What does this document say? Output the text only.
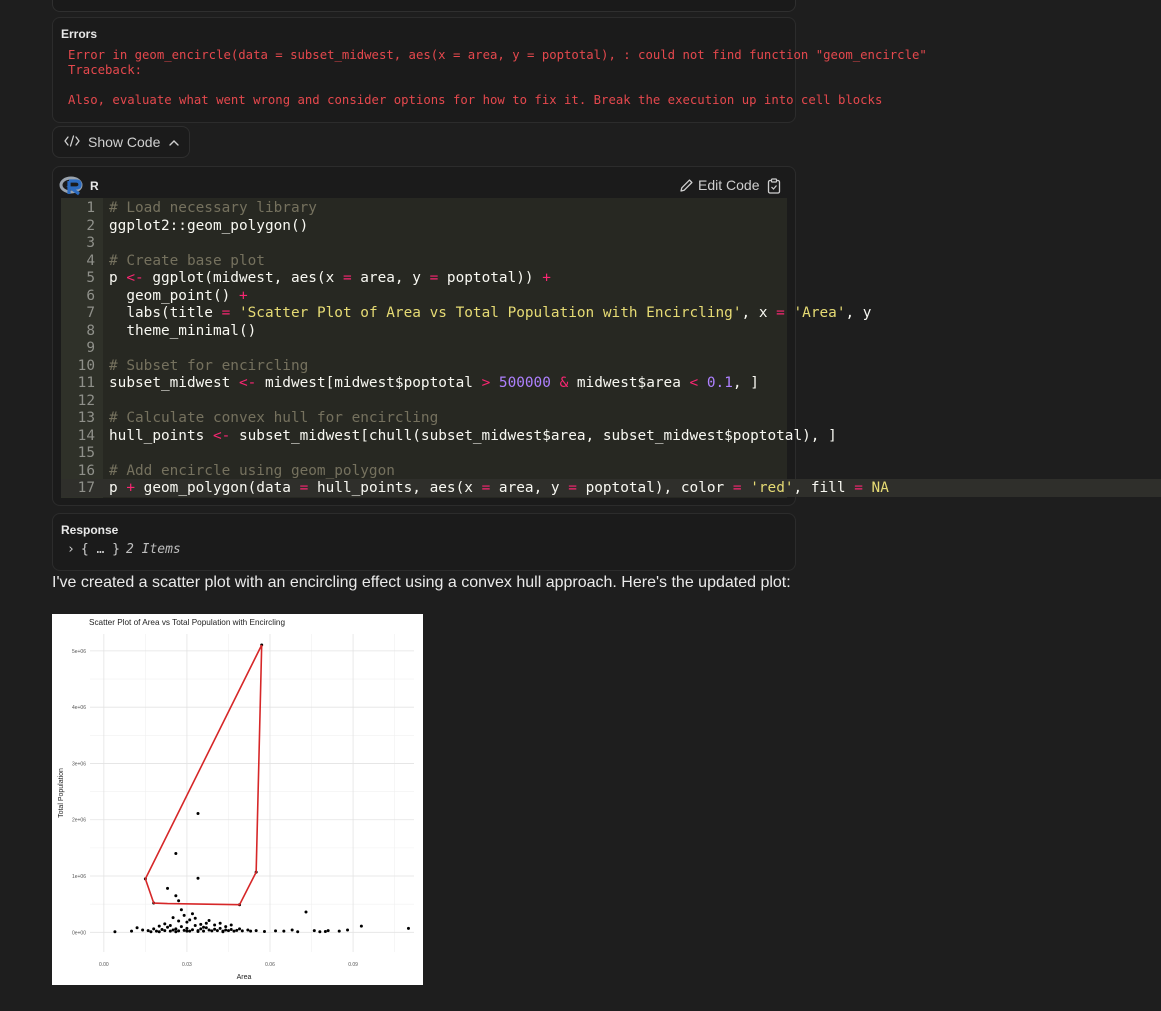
Errors
Error in geom_encircle(data = subset_midwest, aes(x = area, y = poptotal), : could not find function "geom_encircle"
Traceback:
Also, evaluate what went wrong and consider options for how to fix it. Break the execution up into cell blocks
Show Code
R	Edit Code
1 # Load necessary library
2 ggplot2::geom_polygon()
3
4 # Create base plot
5 p <- ggplot(midwest, aes(x = area, y = poptotal)) +
6 geom_point() +
7 labs(title = 'Scatter Plot of Area vs Total Population with Encircling', x = 'Area', y
8 theme_minimal()
9
10 # Subset for encircling
11 subset_midwest <- midwest[midwest$poptotal > 500000 & midwest$area < 0.1, ]
12
13 # Calculate convex hull for encircling
14 hull_points <- subset_midwest[chull(subset_midwest$area, subset_midwest$poptotal), ]
15
16 # Add encircle using geom_polygon
17 p + geom_polygon(data = hull_points, aes(x = area, y = poptotal), color = 'red', fill = NA
Response
› { … } 2 Items
I've created a scatter plot with an encircling effect using a convex hull approach. Here's the updated plot:
0e+00
1e+06
2e+06
3e+06
4e+06
5e+06
0.00	0.03	0.06	0.09
Scatter Plot of Area vs Total Population with Encircling
Area
Total Population
